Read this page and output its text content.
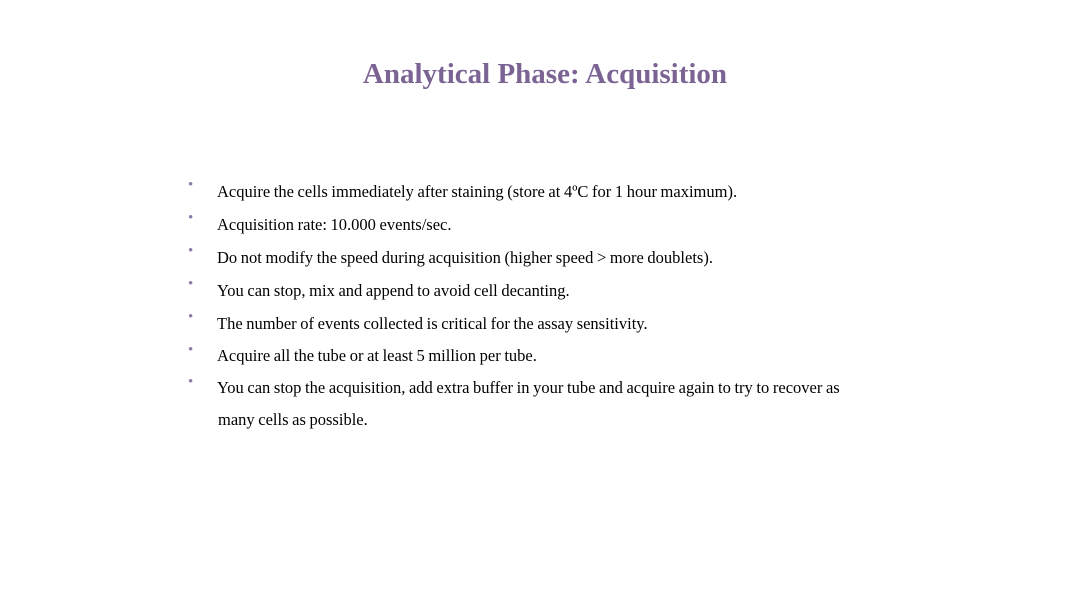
Analytical Phase: Acquisition
• Acquire the cells immediately after staining (store at 4ºC for 1 hour maximum).
• Acquisition rate: 10.000 events/sec.
• Do not modify the speed during acquisition (higher speed > more doublets).
• You can stop, mix and append to avoid cell decanting.
• The number of events collected is critical for the assay sensitivity.
• Acquire all the tube or at least 5 million per tube.
• You can stop the acquisition, add extra buffer in your tube and acquire again to try to recover as
many cells as possible.
